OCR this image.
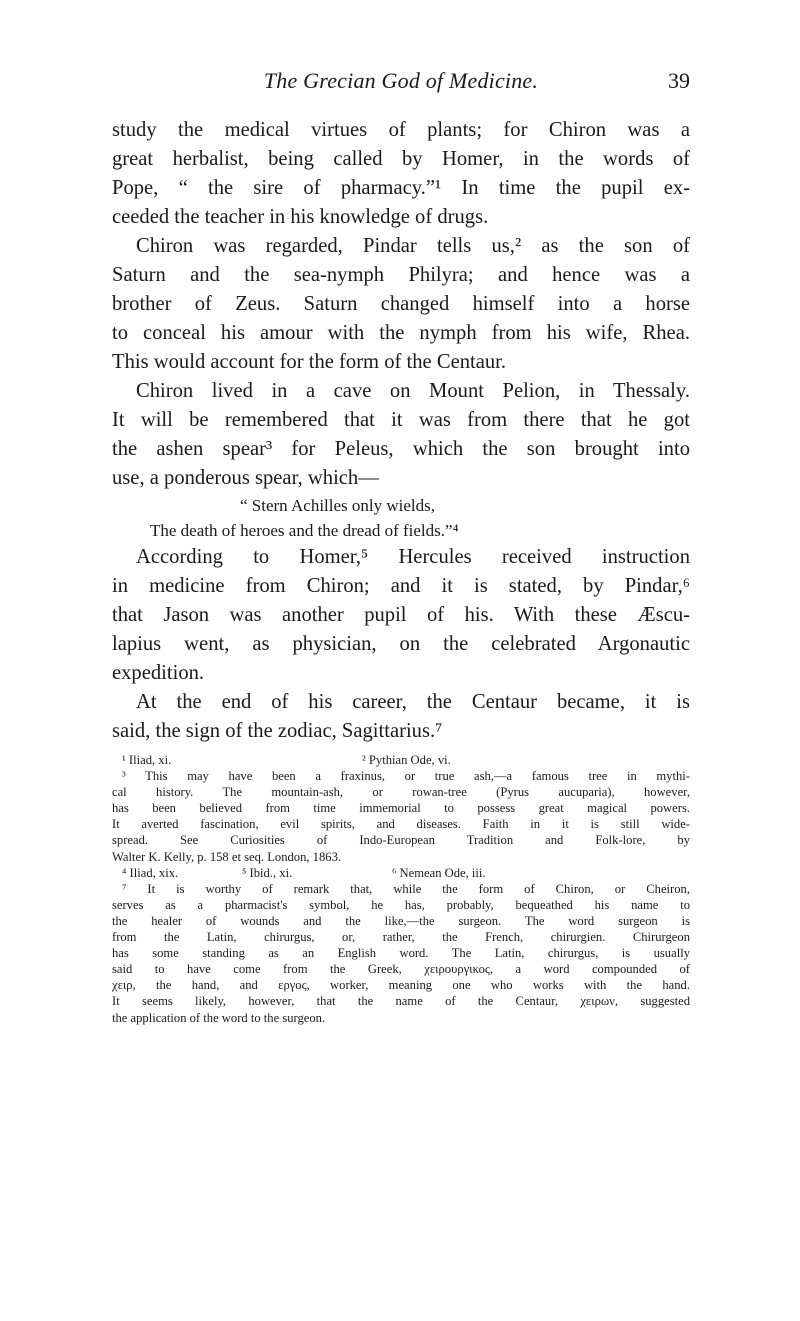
The Grecian God of Medicine.	39
study the medical virtues of plants; for Chiron was a
great herbalist, being called by Homer, in the words of
Pope, “ the sire of pharmacy.”¹ In time the pupil ex-
ceeded the teacher in his knowledge of drugs.
Chiron was regarded, Pindar tells us,² as the son of
Saturn and the sea-nymph Philyra; and hence was a
brother of Zeus. Saturn changed himself into a horse
to conceal his amour with the nymph from his wife, Rhea.
This would account for the form of the Centaur.
Chiron lived in a cave on Mount Pelion, in Thessaly.
It will be remembered that it was from there that he got
the ashen spear³ for Peleus, which the son brought into
use, a ponderous spear, which—
“ Stern Achilles only wields,
The death of heroes and the dread of fields.”⁴
According to Homer,⁵ Hercules received instruction
in medicine from Chiron; and it is stated, by Pindar,⁶
that Jason was another pupil of his. With these Æscu-
lapius went, as physician, on the celebrated Argonautic
expedition.
At the end of his career, the Centaur became, it is
said, the sign of the zodiac, Sagittarius.⁷
¹ Iliad, xi.	² Pythian Ode, vi.
³ This may have been a fraxinus, or true ash,—a famous tree in mythi-
cal history. The mountain-ash, or rowan-tree (Pyrus aucuparia), however,
has been believed from time immemorial to possess great magical powers.
It averted fascination, evil spirits, and diseases. Faith in it is still wide-
spread. See Curiosities of Indo-European Tradition and Folk-lore, by
Walter K. Kelly, p. 158 et seq. London, 1863.
⁴ Iliad, xix.	⁵ Ibid., xi.	⁶ Nemean Ode, iii.
⁷ It is worthy of remark that, while the form of Chiron, or Cheiron,
serves as a pharmacist's symbol, he has, probably, bequeathed his name to
the healer of wounds and the like,—the surgeon. The word surgeon is
from the Latin, chirurgus, or, rather, the French, chirurgien. Chirurgeon
has some standing as an English word. The Latin, chirurgus, is usually
said to have come from the Greek, χειρουργικος, a word compounded of
χειρ, the hand, and εργος, worker, meaning one who works with the hand.
It seems likely, however, that the name of the Centaur, χειρων, suggested
the application of the word to the surgeon.
